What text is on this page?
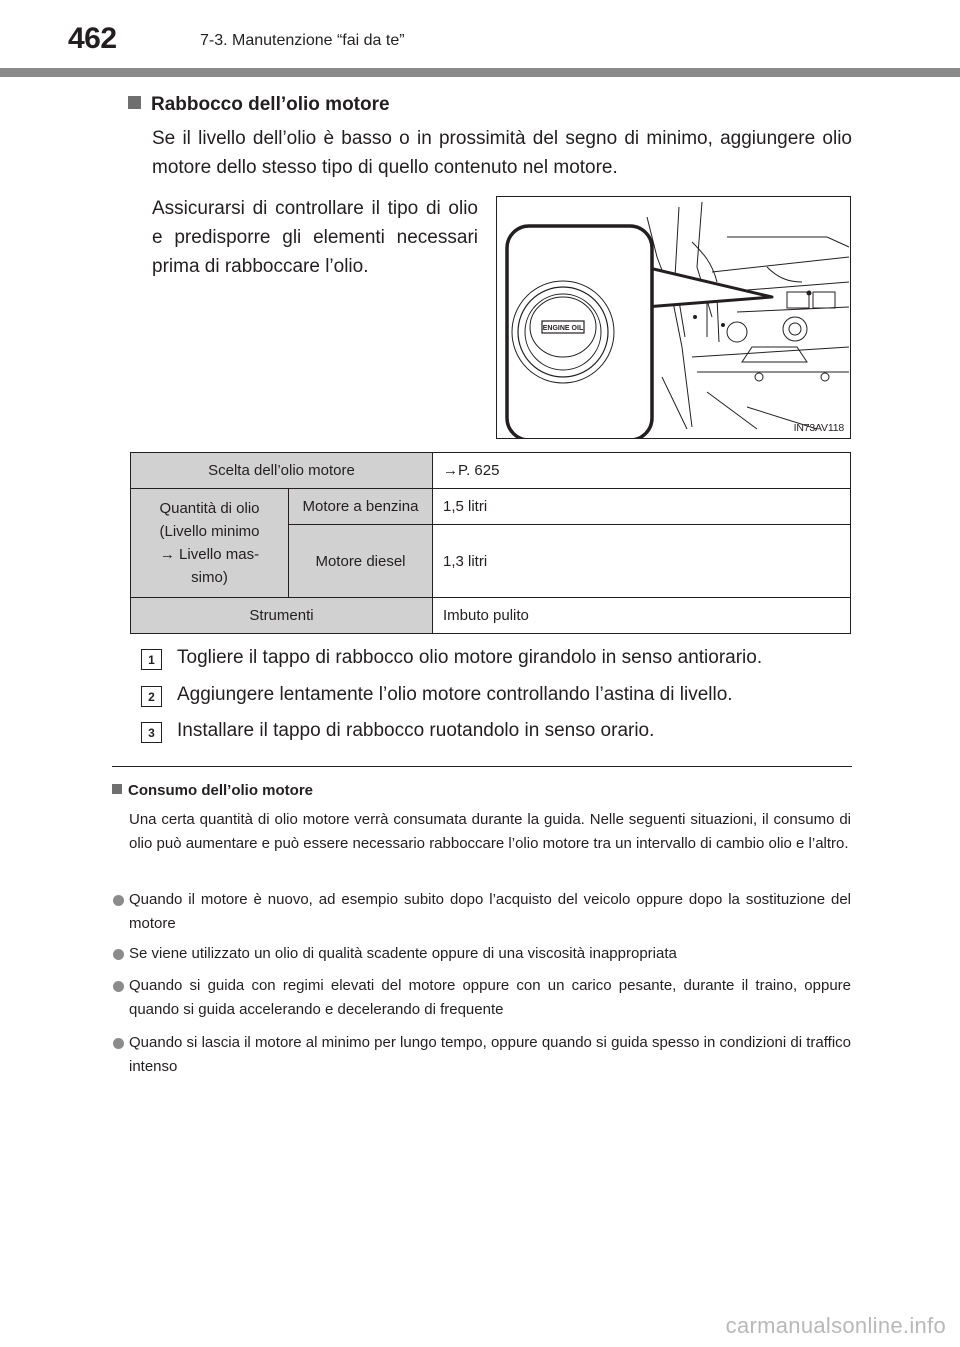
462	7-3. Manutenzione “fai da te”
Rabbocco dell’olio motore

Se il livello dell’olio è basso o in prossimità del segno di minimo, aggiungere olio motore dello stesso tipo di quello contenuto nel motore.

Assicurarsi di controllare il tipo di olio e predisporre gli elementi necessari prima di rabboccare l’olio.

ENGINE OIL
IN73AV118
Scelta dell’olio motore		→P. 625
Quantità di olio
(Livello minimo
→ Livello mas-
simo)	Motore a benzina	1,5 litri
	Motore diesel	1,3 litri
Strumenti		Imbuto pulito
1	Togliere il tappo di rabbocco olio motore girandolo in senso antiorario.
2	Aggiungere lentamente l’olio motore controllando l’astina di livello.
3	Installare il tappo di rabbocco ruotandolo in senso orario.
Consumo dell’olio motore

Una certa quantità di olio motore verrà consumata durante la guida. Nelle seguenti situazioni, il consumo di olio può aumentare e può essere necessario rabboccare l’olio motore tra un intervallo di cambio olio e l’altro.

Quando il motore è nuovo, ad esempio subito dopo l’acquisto del veicolo oppure dopo la sostituzione del motore
Se viene utilizzato un olio di qualità scadente oppure di una viscosità inappropriata
Quando si guida con regimi elevati del motore oppure con un carico pesante, durante il traino, oppure quando si guida accelerando e decelerando di frequente
Quando si lascia il motore al minimo per lungo tempo, oppure quando si guida spesso in condizioni di traffico intenso
carmanualsonline.info
